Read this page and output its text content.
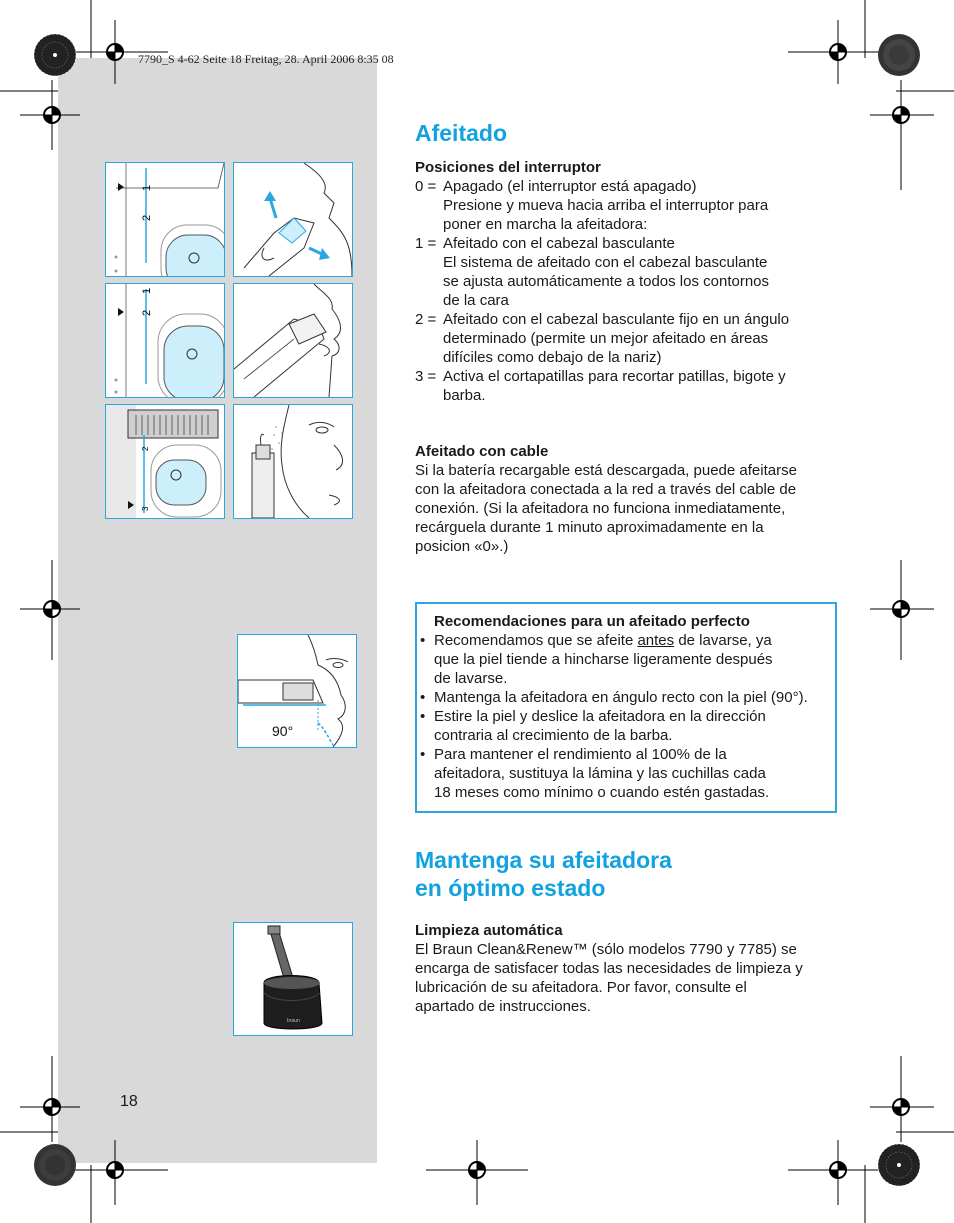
7790_S 4-62 Seite 18 Freitag, 28. April 2006 8:35 08
1
2
1
2
2
3
90°
braun
Afeitado
Posiciones del interruptor
0 = Apagado (el interruptor está apagado)
Presione y mueva hacia arriba el interruptor para
poner en marcha la afeitadora:
1 = Afeitado con el cabezal basculante
El sistema de afeitado con el cabezal basculante
se ajusta automáticamente a todos los contornos
de la cara
2 = Afeitado con el cabezal basculante fijo en un ángulo
determinado (permite un mejor afeitado en áreas
difíciles como debajo de la nariz)
3 = Activa el cortapatillas para recortar patillas, bigote y
barba.
Afeitado con cable
Si la batería recargable está descargada, puede afeitarse
con la afeitadora conectada a la red a través del cable de
conexión. (Si la afeitadora no funciona inmediatamente,
recárguela durante 1 minuto aproximadamente en la
posicion «0».)
Recomendaciones para un afeitado perfecto
• Recomendamos que se afeite antes de lavarse, ya
que la piel tiende a hincharse ligeramente después
de lavarse.
• Mantenga la afeitadora en ángulo recto con la piel (90°).
• Estire la piel y deslice la afeitadora en la dirección
contraria al crecimiento de la barba.
• Para mantener el rendimiento al 100% de la
afeitadora, sustituya la lámina y las cuchillas cada
18 meses como mínimo o cuando estén gastadas.
Mantenga su afeitadora
en óptimo estado
Limpieza automática
El Braun Clean&Renew™ (sólo modelos 7790 y 7785) se
encarga de satisfacer todas las necesidades de limpieza y
lubricación de su afeitadora. Por favor, consulte el
apartado de instrucciones.
18
